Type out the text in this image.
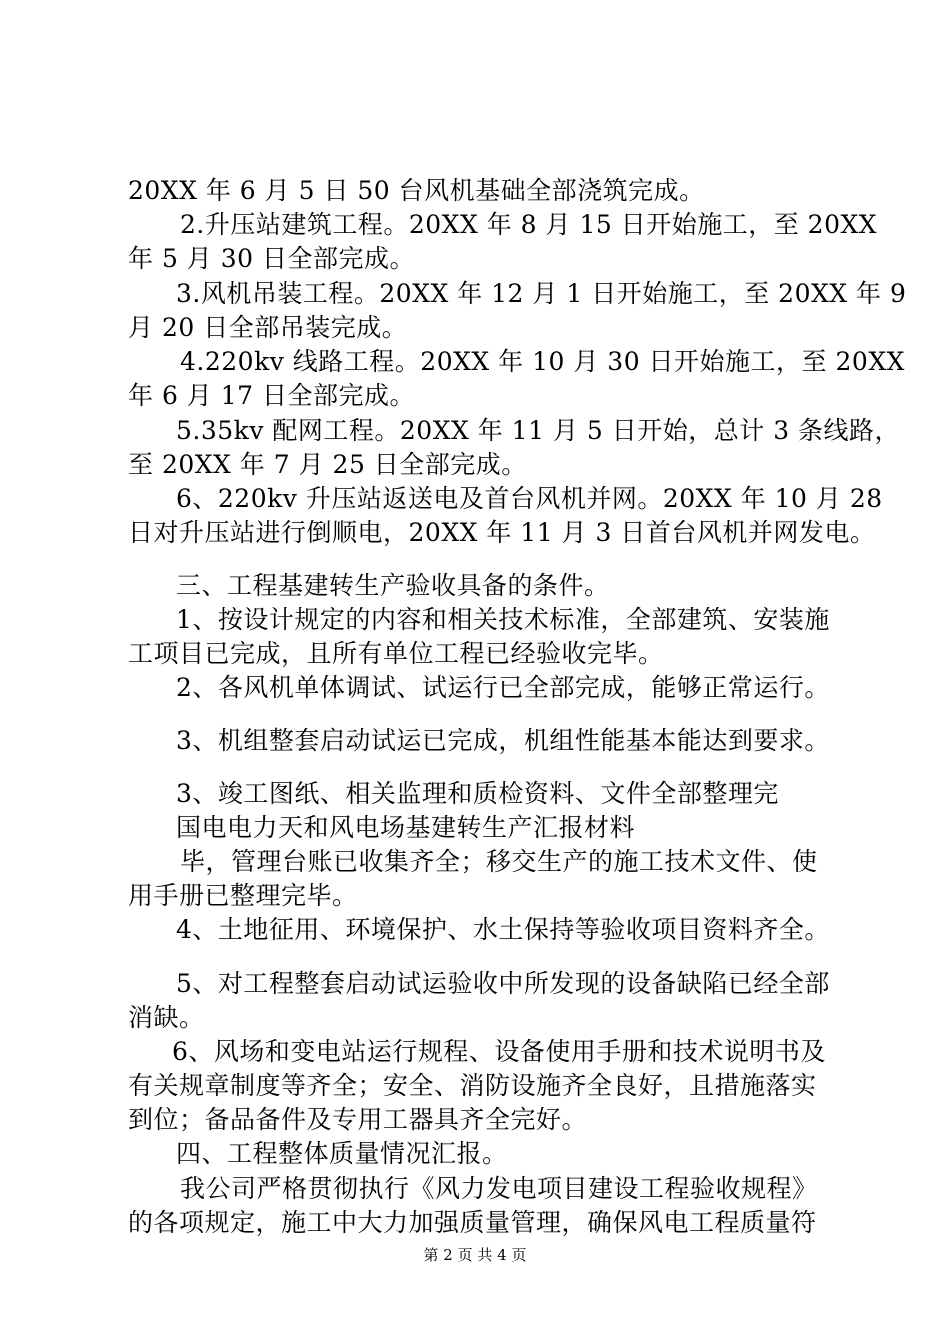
20XX 年 6 月 5 日 50 台风机基础全部浇筑完成。
2.升压站建筑工程。20XX 年 8 月 15 日开始施工，至 20XX
年 5 月 30 日全部完成。
3.风机吊装工程。20XX 年 12 月 1 日开始施工，至 20XX 年 9
月 20 日全部吊装完成。
4.220kv 线路工程。20XX 年 10 月 30 日开始施工，至 20XX
年 6 月 17 日全部完成。
5.35kv 配网工程。20XX 年 11 月 5 日开始，总计 3 条线路，
至 20XX 年 7 月 25 日全部完成。
6、220kv 升压站返送电及首台风机并网。20XX 年 10 月 28
日对升压站进行倒顺电，20XX 年 11 月 3 日首台风机并网发电。
三、工程基建转生产验收具备的条件。
1、按设计规定的内容和相关技术标准，全部建筑、安装施
工项目已完成，且所有单位工程已经验收完毕。
2、各风机单体调试、试运行已全部完成，能够正常运行。
3、机组整套启动试运已完成，机组性能基本能达到要求。
3、竣工图纸、相关监理和质检资料、文件全部整理完
国电电力天和风电场基建转生产汇报材料
毕，管理台账已收集齐全；移交生产的施工技术文件、使
用手册已整理完毕。
4、土地征用、环境保护、水土保持等验收项目资料齐全。
5、对工程整套启动试运验收中所发现的设备缺陷已经全部
消缺。
6、风场和变电站运行规程、设备使用手册和技术说明书及
有关规章制度等齐全；安全、消防设施齐全良好，且措施落实
到位；备品备件及专用工器具齐全完好。
四、工程整体质量情况汇报。
我公司严格贯彻执行《风力发电项目建设工程验收规程》
的各项规定，施工中大力加强质量管理，确保风电工程质量符
第 2 页 共 4 页
